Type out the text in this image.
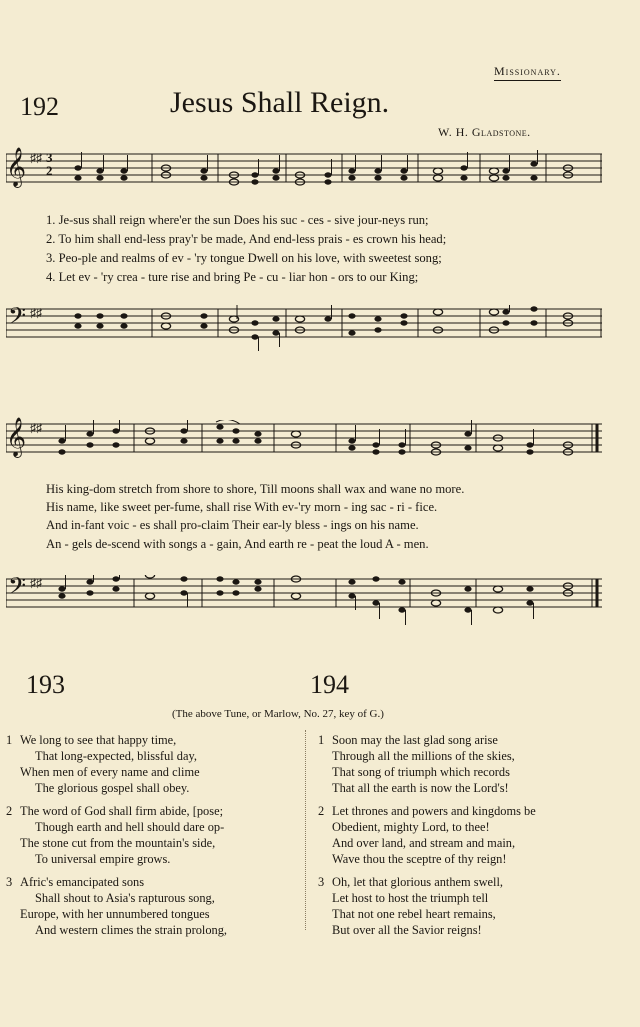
Missionary.
192	Jesus Shall Reign.
W. H. Gladstone.
𝄞 ♯♯ 3
2
1. Je-sus shall reign where'er the sun Does his suc - ces - sive jour-neys run;
2. To him shall end-less pray'r be made, And end-less prais - es crown his head;
3. Peo-ple and realms of ev - 'ry tongue Dwell on his love, with sweetest song;
4. Let ev - 'ry crea - ture rise and bring Pe - cu - liar hon - ors to our King;
𝄢 ♯♯
𝄞 ♯♯
His king-dom stretch from shore to shore, Till moons shall wax and wane no more.
His name, like sweet per-fume, shall rise With ev-'ry morn - ing sac - ri - fice.
And in-fant voic - es shall pro-claim Their ear-ly bless - ings on his name.
An - gels de-scend with songs a - gain, And earth re - peat the loud A - men.
𝄢 ♯♯
193	194
(The above Tune, or Marlow, No. 27, key of G.)
1 We long to see that happy time,
That long-expected, blissful day,
When men of every name and clime
The glorious gospel shall obey.
2 The word of God shall firm abide, [pose;
Though earth and hell should dare op-
The stone cut from the mountain's side,
To universal empire grows.
3 Afric's emancipated sons
Shall shout to Asia's rapturous song,
Europe, with her unnumbered tongues
And western climes the strain prolong,
1 Soon may the last glad song arise
Through all the millions of the skies,
That song of triumph which records
That all the earth is now the Lord's!
2 Let thrones and powers and kingdoms be
Obedient, mighty Lord, to thee!
And over land, and stream and main,
Wave thou the sceptre of thy reign!
3 Oh, let that glorious anthem swell,
Let host to host the triumph tell
That not one rebel heart remains,
But over all the Savior reigns!
